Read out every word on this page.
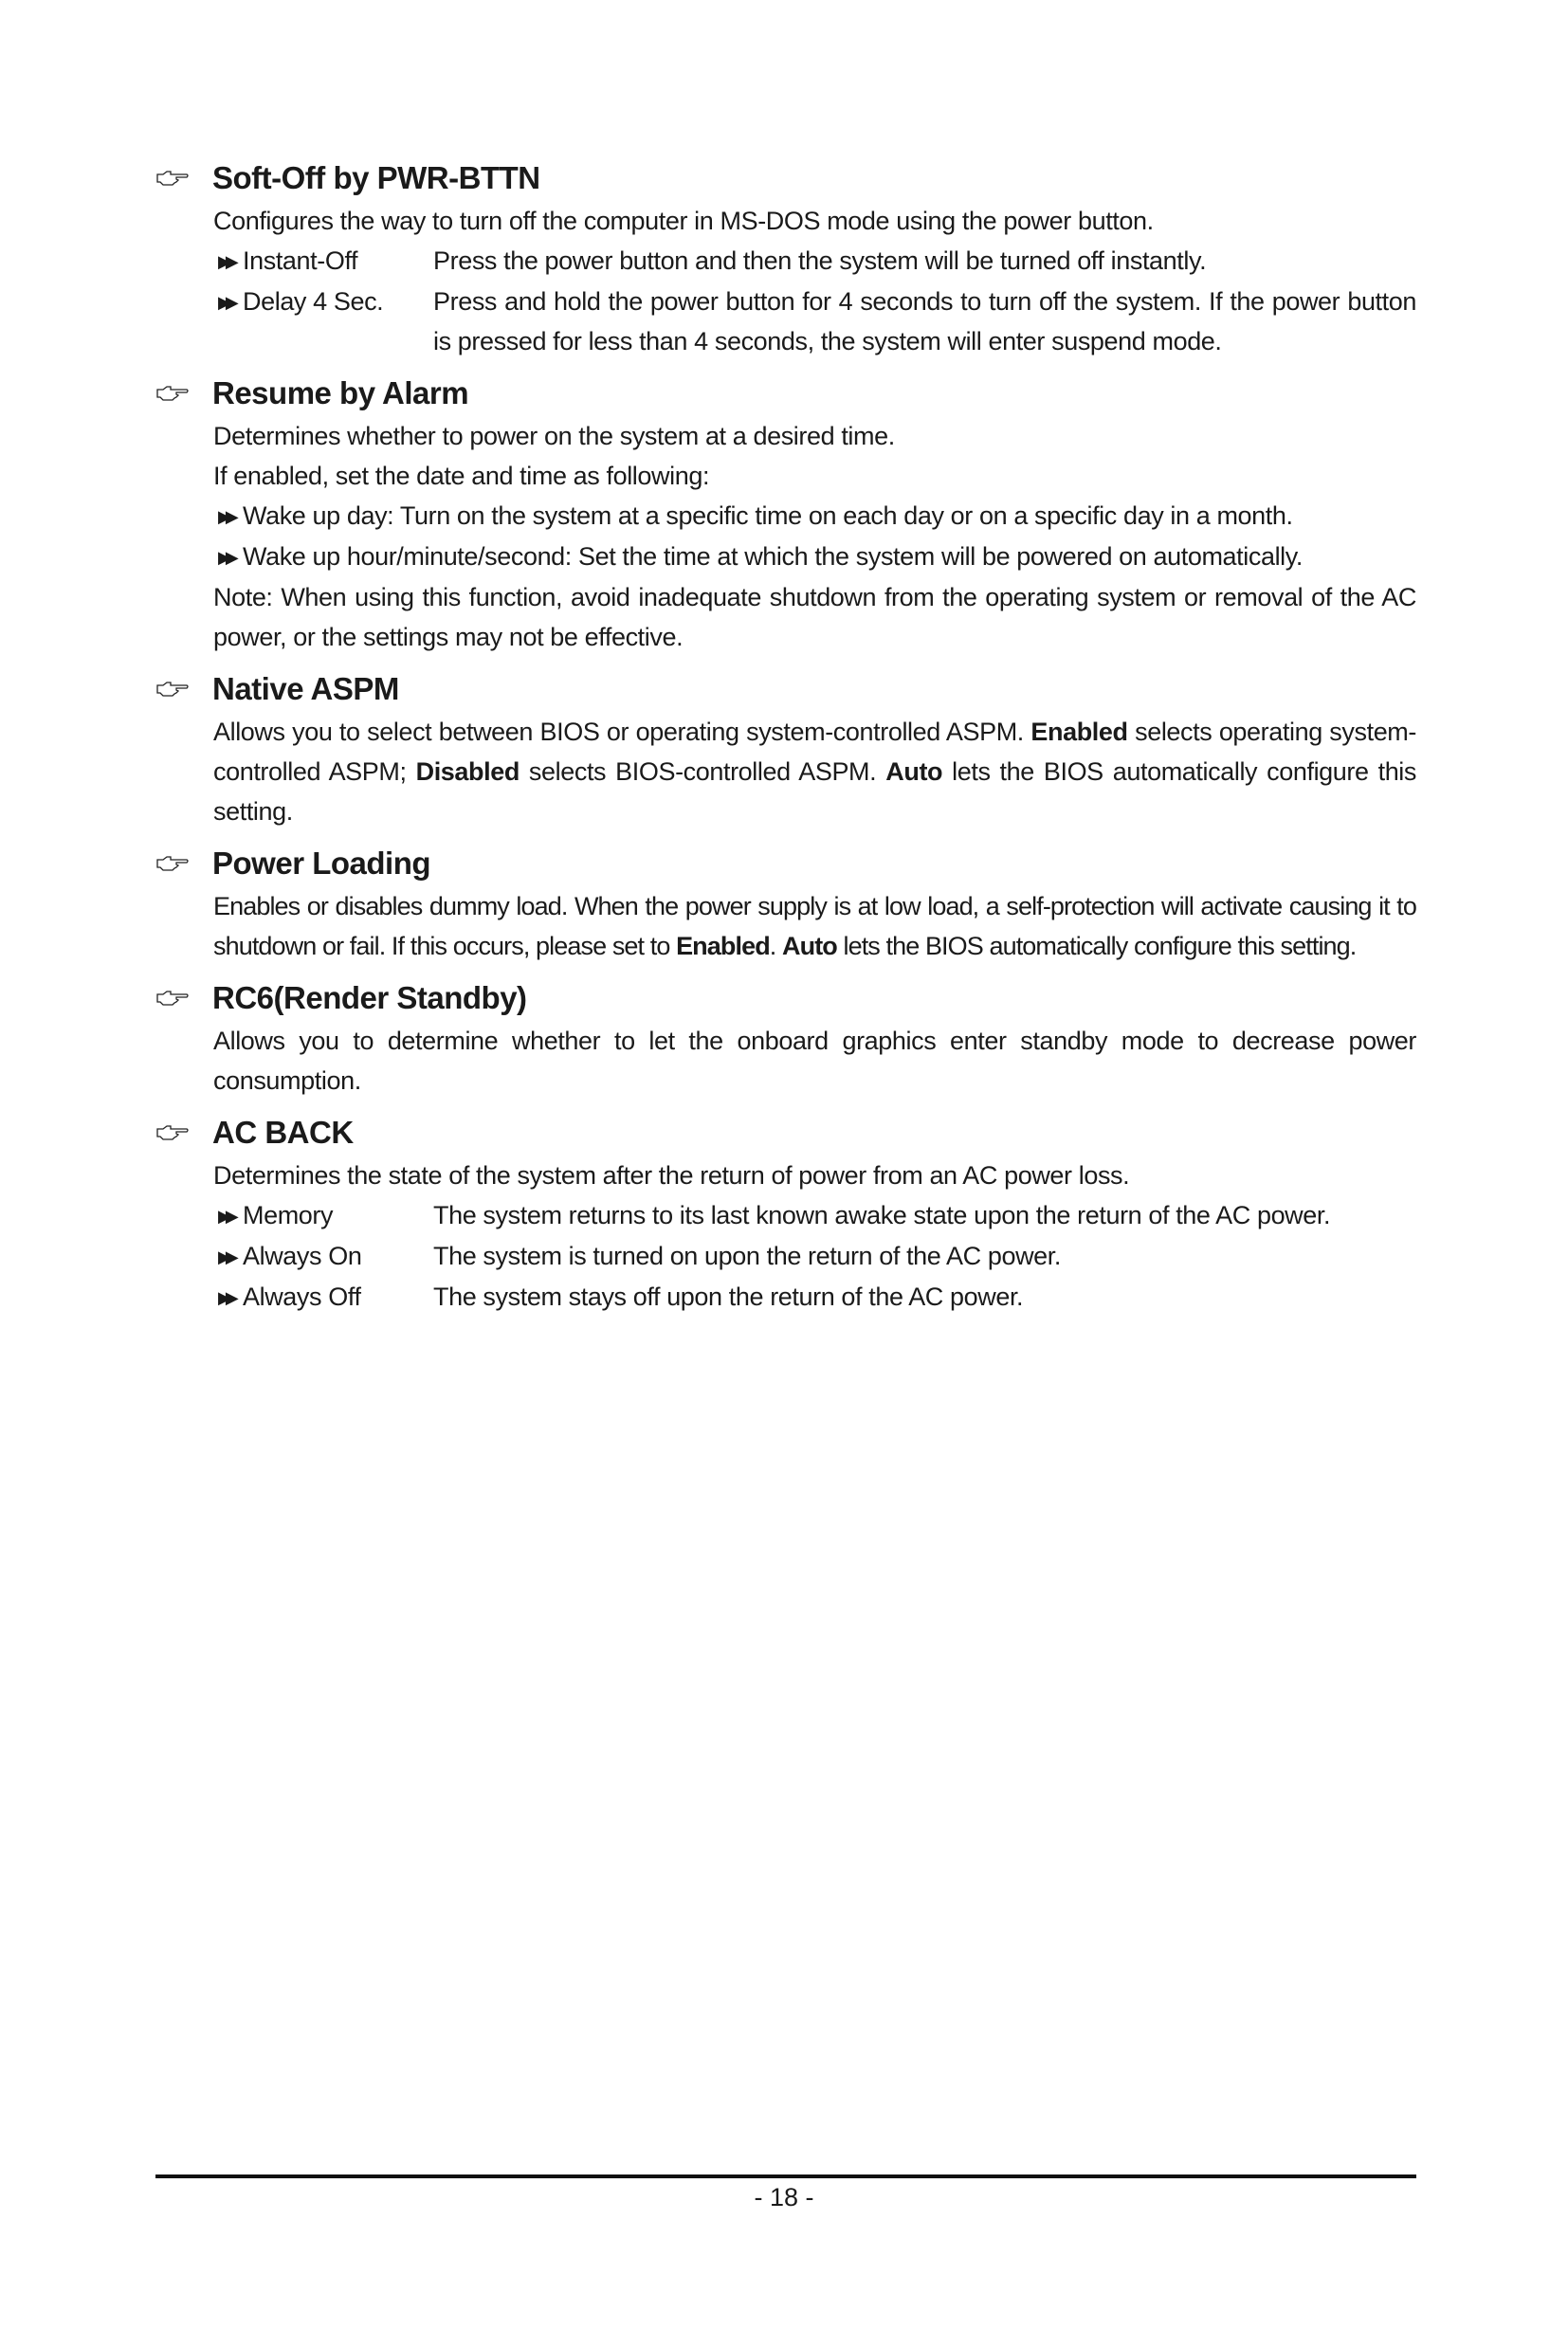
Soft-Off by PWR-BTTN
Configures the way to turn off the computer in MS-DOS mode using the power button.
▶▶ Instant-Off	Press the power button and then the system will be turned off instantly.
▶▶ Delay 4 Sec.	Press and hold the power button for 4 seconds to turn off the system. If the power button is pressed for less than 4 seconds, the system will enter suspend mode.
Resume by Alarm
Determines whether to power on the system at a desired time.
If enabled, set the date and time as following:
▶▶ Wake up day: Turn on the system at a specific time on each day or on a specific day in a month.
▶▶ Wake up hour/minute/second: Set the time at which the system will be powered on automatically.
Note: When using this function, avoid inadequate shutdown from the operating system or removal of the AC power, or the settings may not be effective.
Native ASPM
Allows you to select between BIOS or operating system-controlled ASPM. Enabled selects operating system-controlled ASPM; Disabled selects BIOS-controlled ASPM. Auto lets the BIOS automatically configure this setting.
Power Loading
Enables or disables dummy load. When the power supply is at low load, a self-protection will activate causing it to shutdown or fail. If this occurs, please set to Enabled. Auto lets the BIOS automatically configure this setting.
RC6(Render Standby)
Allows you to determine whether to let the onboard graphics enter standby mode to decrease power consumption.
AC BACK
Determines the state of the system after the return of power from an AC power loss.
▶▶ Memory	The system returns to its last known awake state upon the return of the AC power.
▶▶ Always On	The system is turned on upon the return of the AC power.
▶▶ Always Off	The system stays off upon the return of the AC power.
- 18 -
